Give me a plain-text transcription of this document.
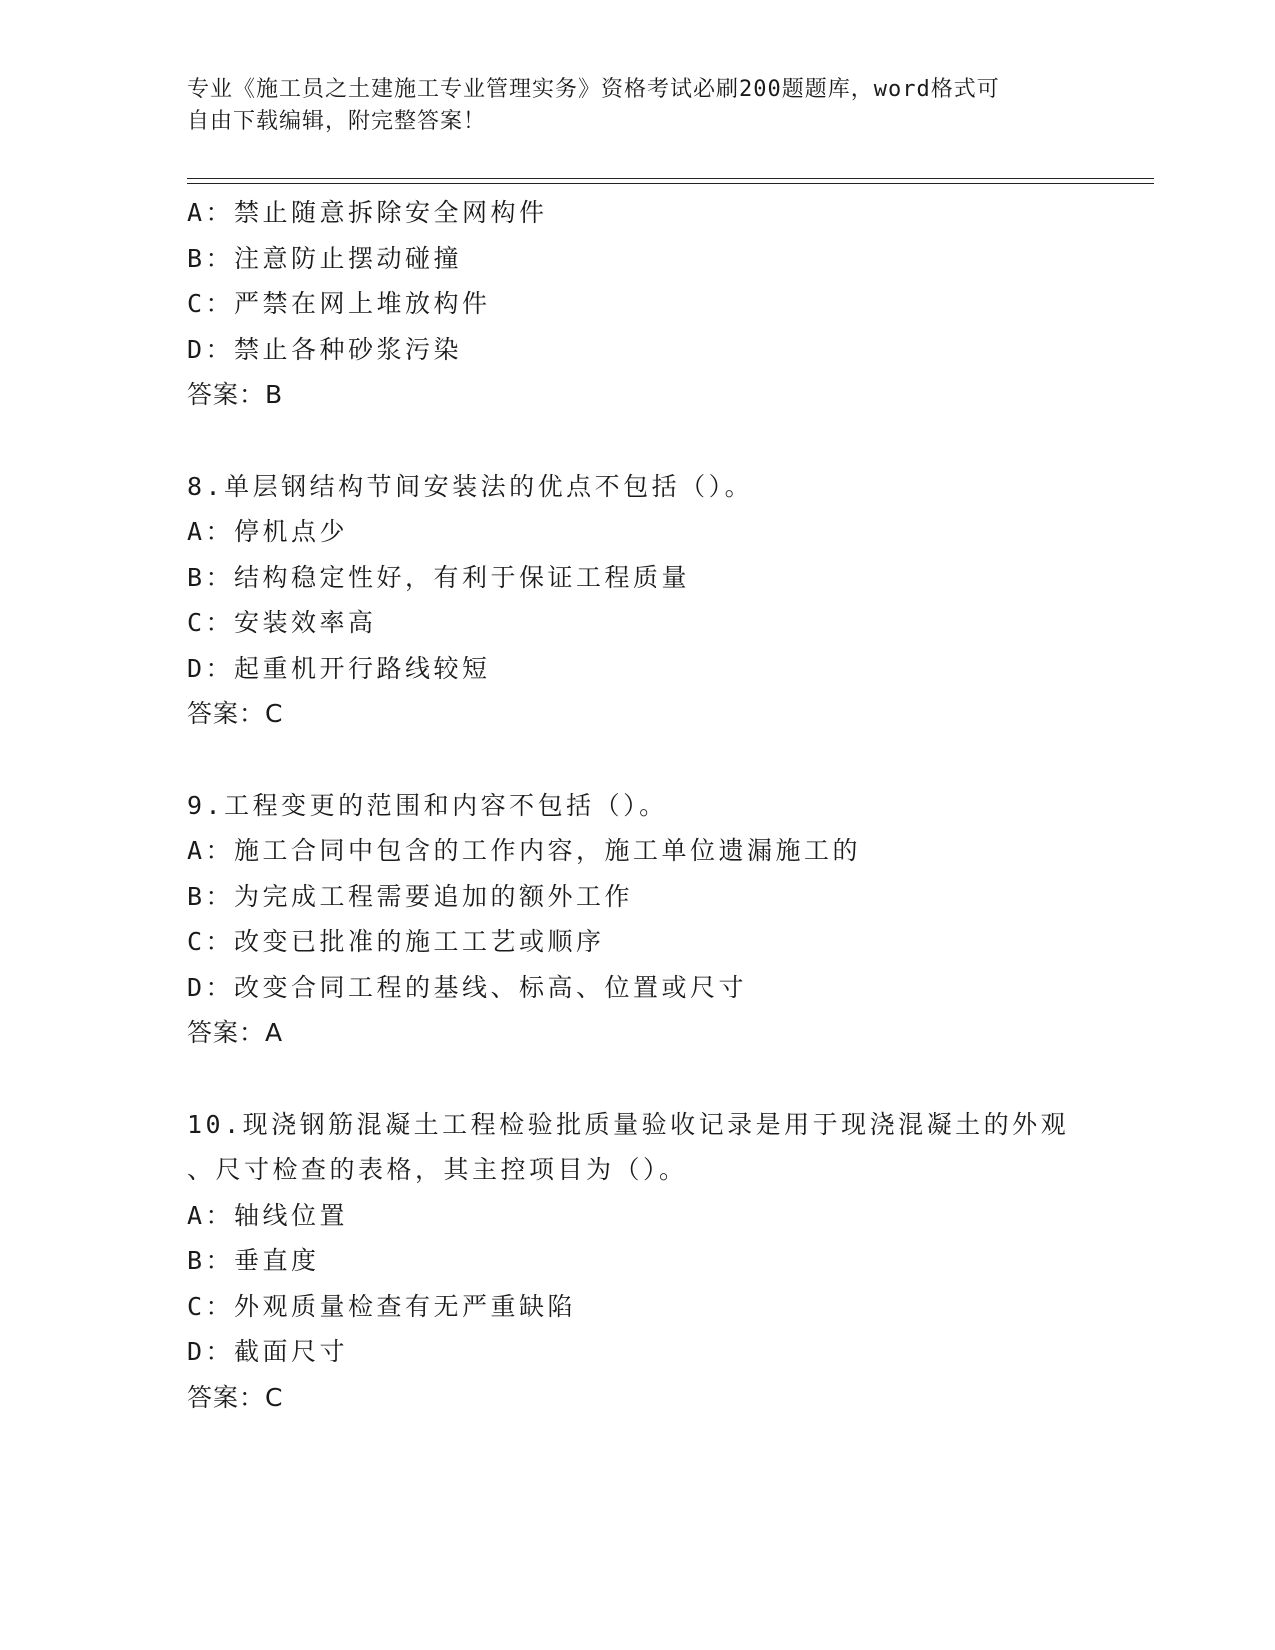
专业《施工员之土建施工专业管理实务》资格考试必刷200题题库，word格式可
自由下载编辑，附完整答案！
A：禁止随意拆除安全网构件
B：注意防止摆动碰撞
C：严禁在网上堆放构件
D：禁止各种砂浆污染
答案：B
8.单层钢结构节间安装法的优点不包括（）。
A：停机点少
B：结构稳定性好，有利于保证工程质量
C：安装效率高
D：起重机开行路线较短
答案：C
9.工程变更的范围和内容不包括（）。
A：施工合同中包含的工作内容，施工单位遗漏施工的
B：为完成工程需要追加的额外工作
C：改变已批准的施工工艺或顺序
D：改变合同工程的基线、标高、位置或尺寸
答案：A
10.现浇钢筋混凝土工程检验批质量验收记录是用于现浇混凝土的外观
、尺寸检查的表格，其主控项目为（）。
A：轴线位置
B：垂直度
C：外观质量检查有无严重缺陷
D：截面尺寸
答案：C
